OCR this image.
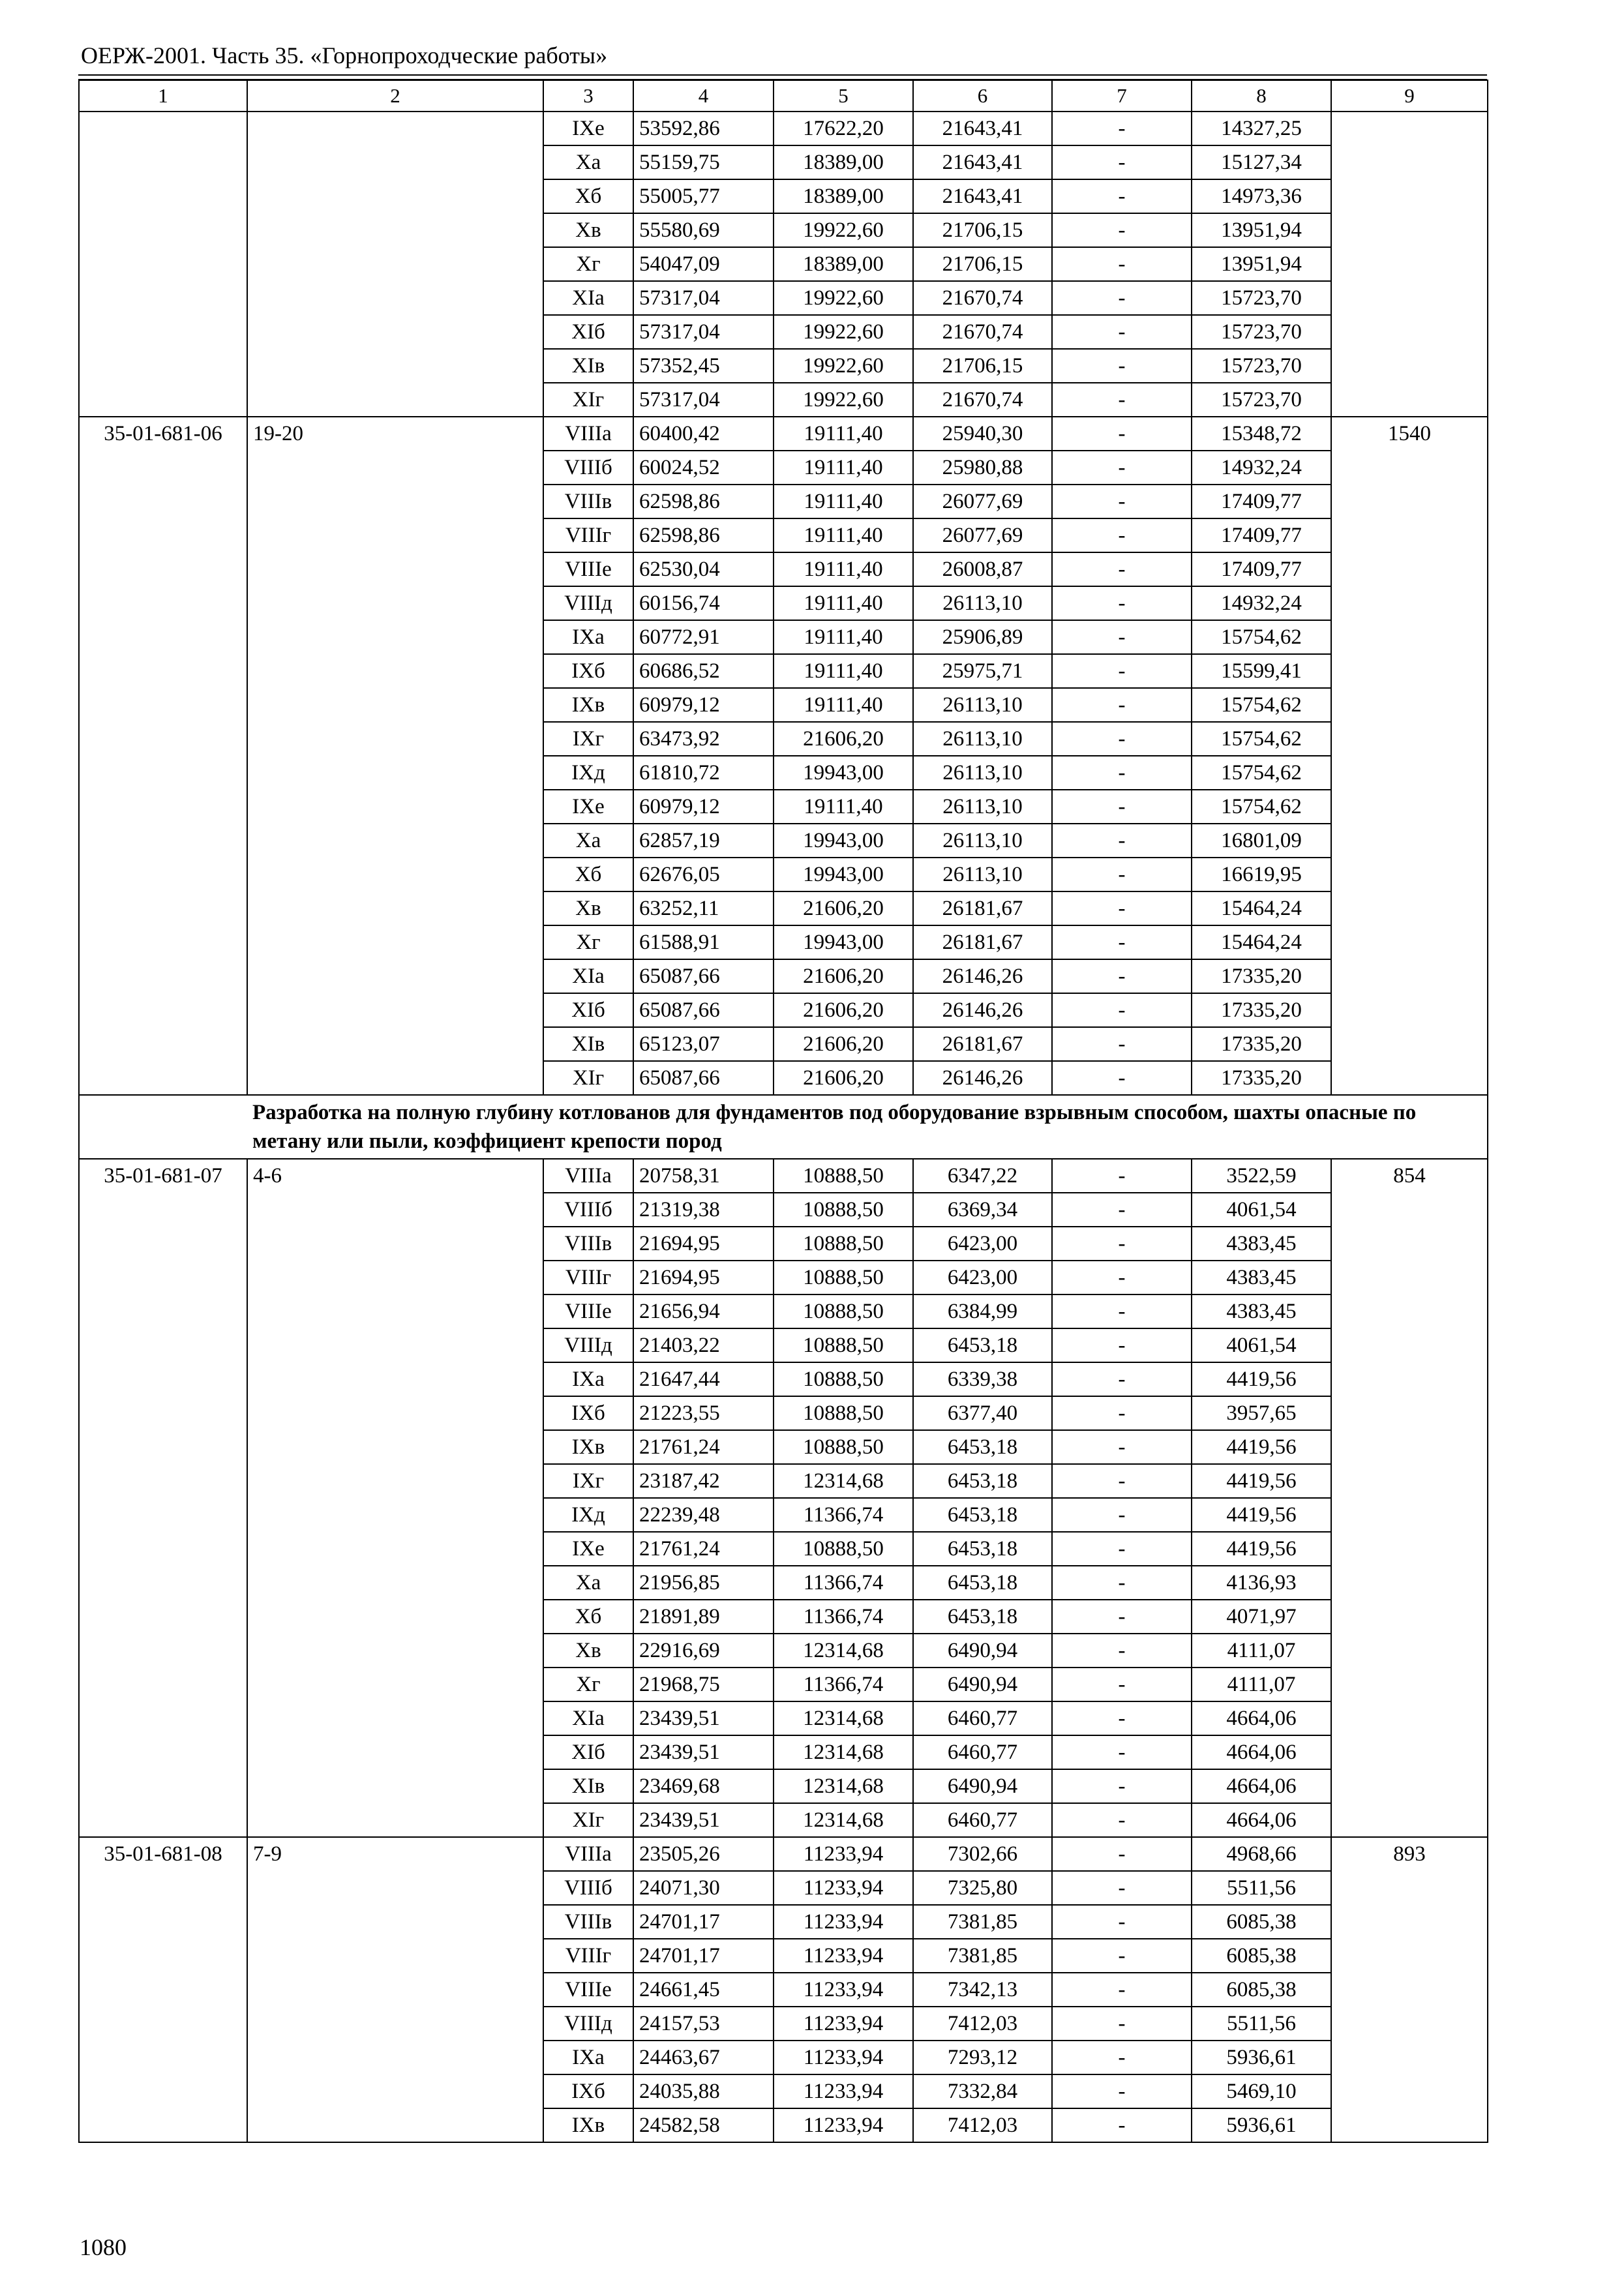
ОЕРЖ-2001. Часть 35. «Горнопроходческие работы»
1	2	3	4	5	6	7	8	9
		IXe	53592,86	17622,20	21643,41	-	14327,25	
		Xa	55159,75	18389,00	21643,41	-	15127,34	
		Xб	55005,77	18389,00	21643,41	-	14973,36	
		Xв	55580,69	19922,60	21706,15	-	13951,94	
		Xг	54047,09	18389,00	21706,15	-	13951,94	
		XIa	57317,04	19922,60	21670,74	-	15723,70	
		XIб	57317,04	19922,60	21670,74	-	15723,70	
		XIв	57352,45	19922,60	21706,15	-	15723,70	
		XIг	57317,04	19922,60	21670,74	-	15723,70	
35-01-681-06	19-20	VIIIa	60400,42	19111,40	25940,30	-	15348,72	1540
		VIIIб	60024,52	19111,40	25980,88	-	14932,24	
		VIIIв	62598,86	19111,40	26077,69	-	17409,77	
		VIIIг	62598,86	19111,40	26077,69	-	17409,77	
		VIIIe	62530,04	19111,40	26008,87	-	17409,77	
		VIIIд	60156,74	19111,40	26113,10	-	14932,24	
		IXa	60772,91	19111,40	25906,89	-	15754,62	
		IXб	60686,52	19111,40	25975,71	-	15599,41	
		IXв	60979,12	19111,40	26113,10	-	15754,62	
		IXг	63473,92	21606,20	26113,10	-	15754,62	
		IXд	61810,72	19943,00	26113,10	-	15754,62	
		IXe	60979,12	19111,40	26113,10	-	15754,62	
		Xa	62857,19	19943,00	26113,10	-	16801,09	
		Xб	62676,05	19943,00	26113,10	-	16619,95	
		Xв	63252,11	21606,20	26181,67	-	15464,24	
		Xг	61588,91	19943,00	26181,67	-	15464,24	
		XIa	65087,66	21606,20	26146,26	-	17335,20	
		XIб	65087,66	21606,20	26146,26	-	17335,20	
		XIв	65123,07	21606,20	26181,67	-	17335,20	
		XIг	65087,66	21606,20	26146,26	-	17335,20	
	Разработка на полную глубину котлованов для фундаментов под оборудование взрывным способом, шахты опасные по метану или пыли, коэффициент крепости пород							
35-01-681-07	4-6	VIIIa	20758,31	10888,50	6347,22	-	3522,59	854
		VIIIб	21319,38	10888,50	6369,34	-	4061,54	
		VIIIв	21694,95	10888,50	6423,00	-	4383,45	
		VIIIг	21694,95	10888,50	6423,00	-	4383,45	
		VIIIe	21656,94	10888,50	6384,99	-	4383,45	
		VIIIд	21403,22	10888,50	6453,18	-	4061,54	
		IXa	21647,44	10888,50	6339,38	-	4419,56	
		IXб	21223,55	10888,50	6377,40	-	3957,65	
		IXв	21761,24	10888,50	6453,18	-	4419,56	
		IXг	23187,42	12314,68	6453,18	-	4419,56	
		IXд	22239,48	11366,74	6453,18	-	4419,56	
		IXe	21761,24	10888,50	6453,18	-	4419,56	
		Xa	21956,85	11366,74	6453,18	-	4136,93	
		Xб	21891,89	11366,74	6453,18	-	4071,97	
		Xв	22916,69	12314,68	6490,94	-	4111,07	
		Xг	21968,75	11366,74	6490,94	-	4111,07	
		XIa	23439,51	12314,68	6460,77	-	4664,06	
		XIб	23439,51	12314,68	6460,77	-	4664,06	
		XIв	23469,68	12314,68	6490,94	-	4664,06	
		XIг	23439,51	12314,68	6460,77	-	4664,06	
35-01-681-08	7-9	VIIIa	23505,26	11233,94	7302,66	-	4968,66	893
		VIIIб	24071,30	11233,94	7325,80	-	5511,56	
		VIIIв	24701,17	11233,94	7381,85	-	6085,38	
		VIIIг	24701,17	11233,94	7381,85	-	6085,38	
		VIIIe	24661,45	11233,94	7342,13	-	6085,38	
		VIIIд	24157,53	11233,94	7412,03	-	5511,56	
		IXa	24463,67	11233,94	7293,12	-	5936,61	
		IXб	24035,88	11233,94	7332,84	-	5469,10	
		IXв	24582,58	11233,94	7412,03	-	5936,61	
1080
